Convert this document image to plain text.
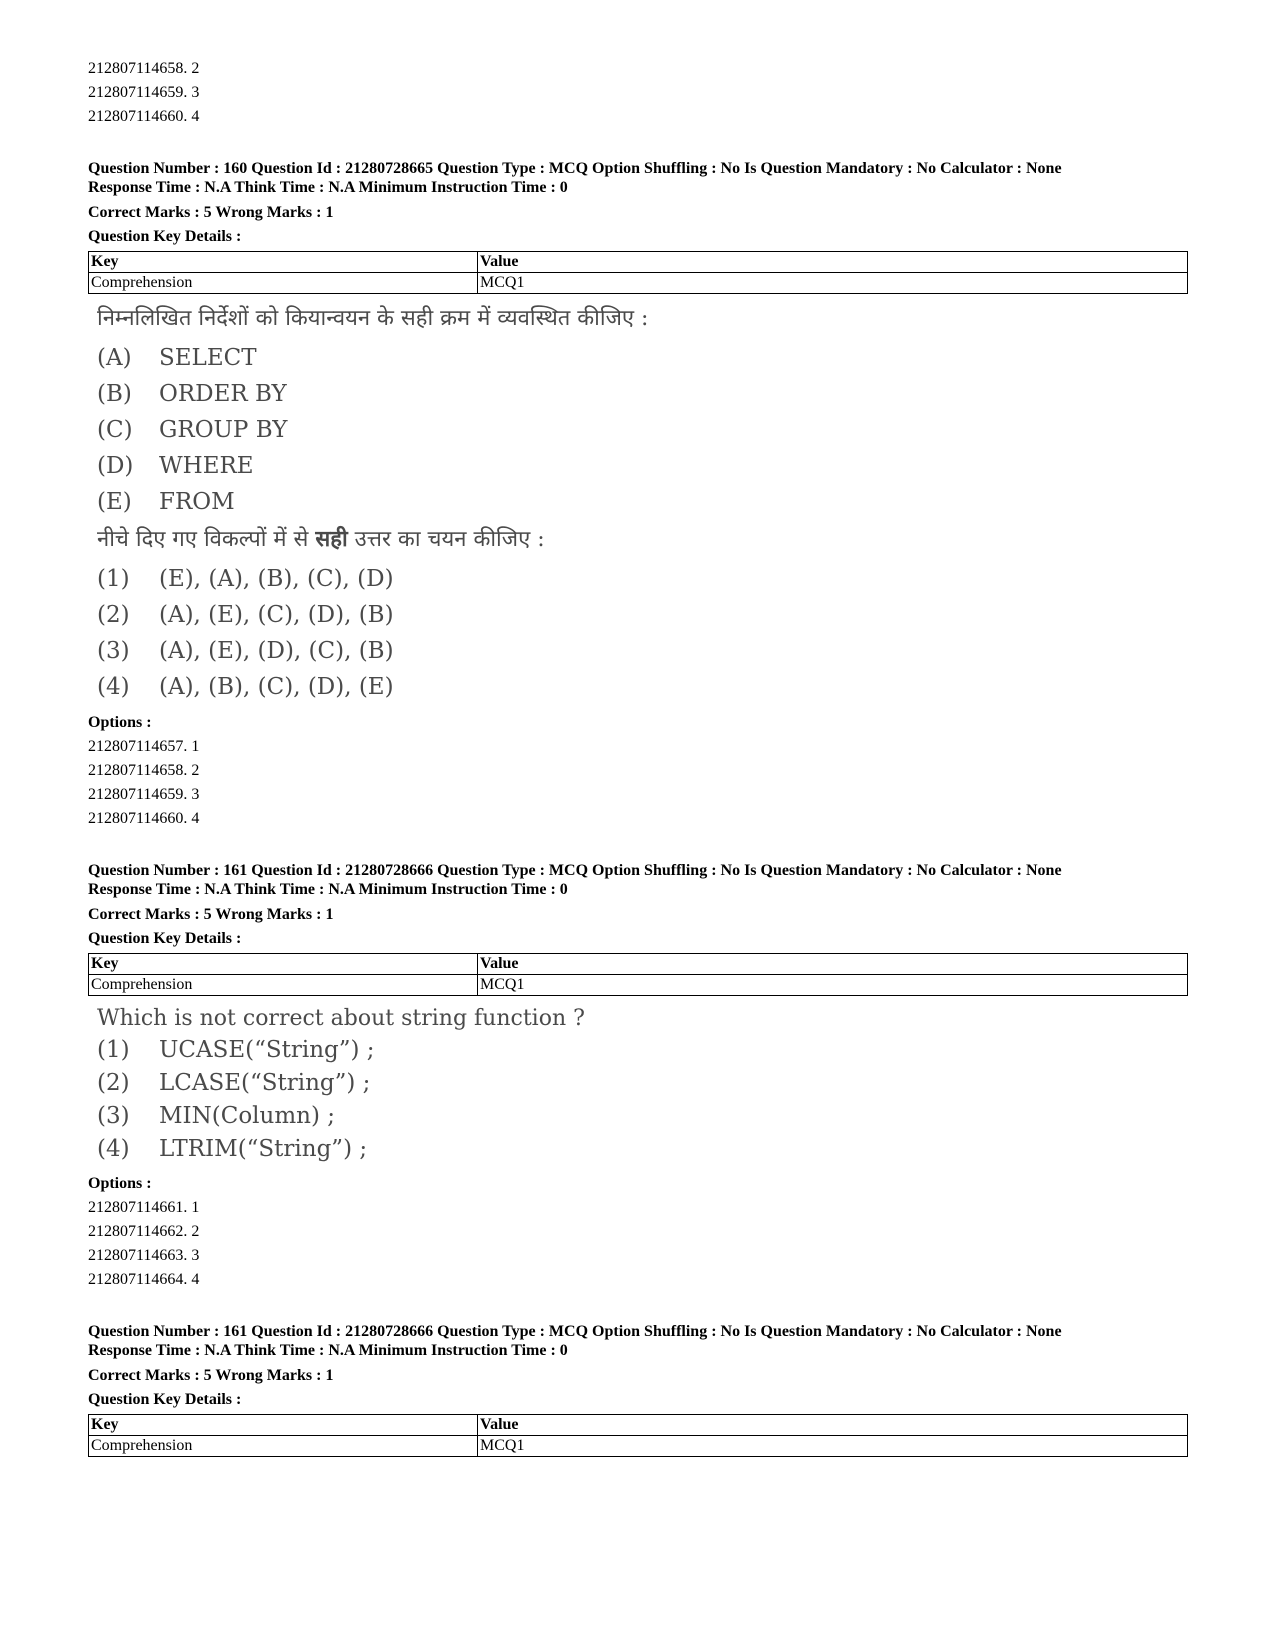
212807114658. 2
212807114659. 3
212807114660. 4
Question Number : 160 Question Id : 21280728665 Question Type : MCQ Option Shuffling : No Is Question Mandatory : No Calculator : None
Response Time : N.A Think Time : N.A Minimum Instruction Time : 0
Correct Marks : 5 Wrong Marks : 1
Question Key Details :
Key	Value
Comprehension	MCQ1
निम्नलिखित निर्देशों को कियान्वयन के सही क्रम में व्यवस्थित कीजिए :
(A)	SELECT
(B)	ORDER BY
(C)	GROUP BY
(D)	WHERE
(E)	FROM
नीचे दिए गए विकल्पों में से सही उत्तर का चयन कीजिए :
(1)	(E), (A), (B), (C), (D)
(2)	(A), (E), (C), (D), (B)
(3)	(A), (E), (D), (C), (B)
(4)	(A), (B), (C), (D), (E)
Options :
212807114657. 1
212807114658. 2
212807114659. 3
212807114660. 4
Question Number : 161 Question Id : 21280728666 Question Type : MCQ Option Shuffling : No Is Question Mandatory : No Calculator : None
Response Time : N.A Think Time : N.A Minimum Instruction Time : 0
Correct Marks : 5 Wrong Marks : 1
Question Key Details :
Key	Value
Comprehension	MCQ1
Which is not correct about string function ?
(1)	UCASE(“String”) ;
(2)	LCASE(“String”) ;
(3)	MIN(Column) ;
(4)	LTRIM(“String”) ;
Options :
212807114661. 1
212807114662. 2
212807114663. 3
212807114664. 4
Question Number : 161 Question Id : 21280728666 Question Type : MCQ Option Shuffling : No Is Question Mandatory : No Calculator : None
Response Time : N.A Think Time : N.A Minimum Instruction Time : 0
Correct Marks : 5 Wrong Marks : 1
Question Key Details :
Key	Value
Comprehension	MCQ1
